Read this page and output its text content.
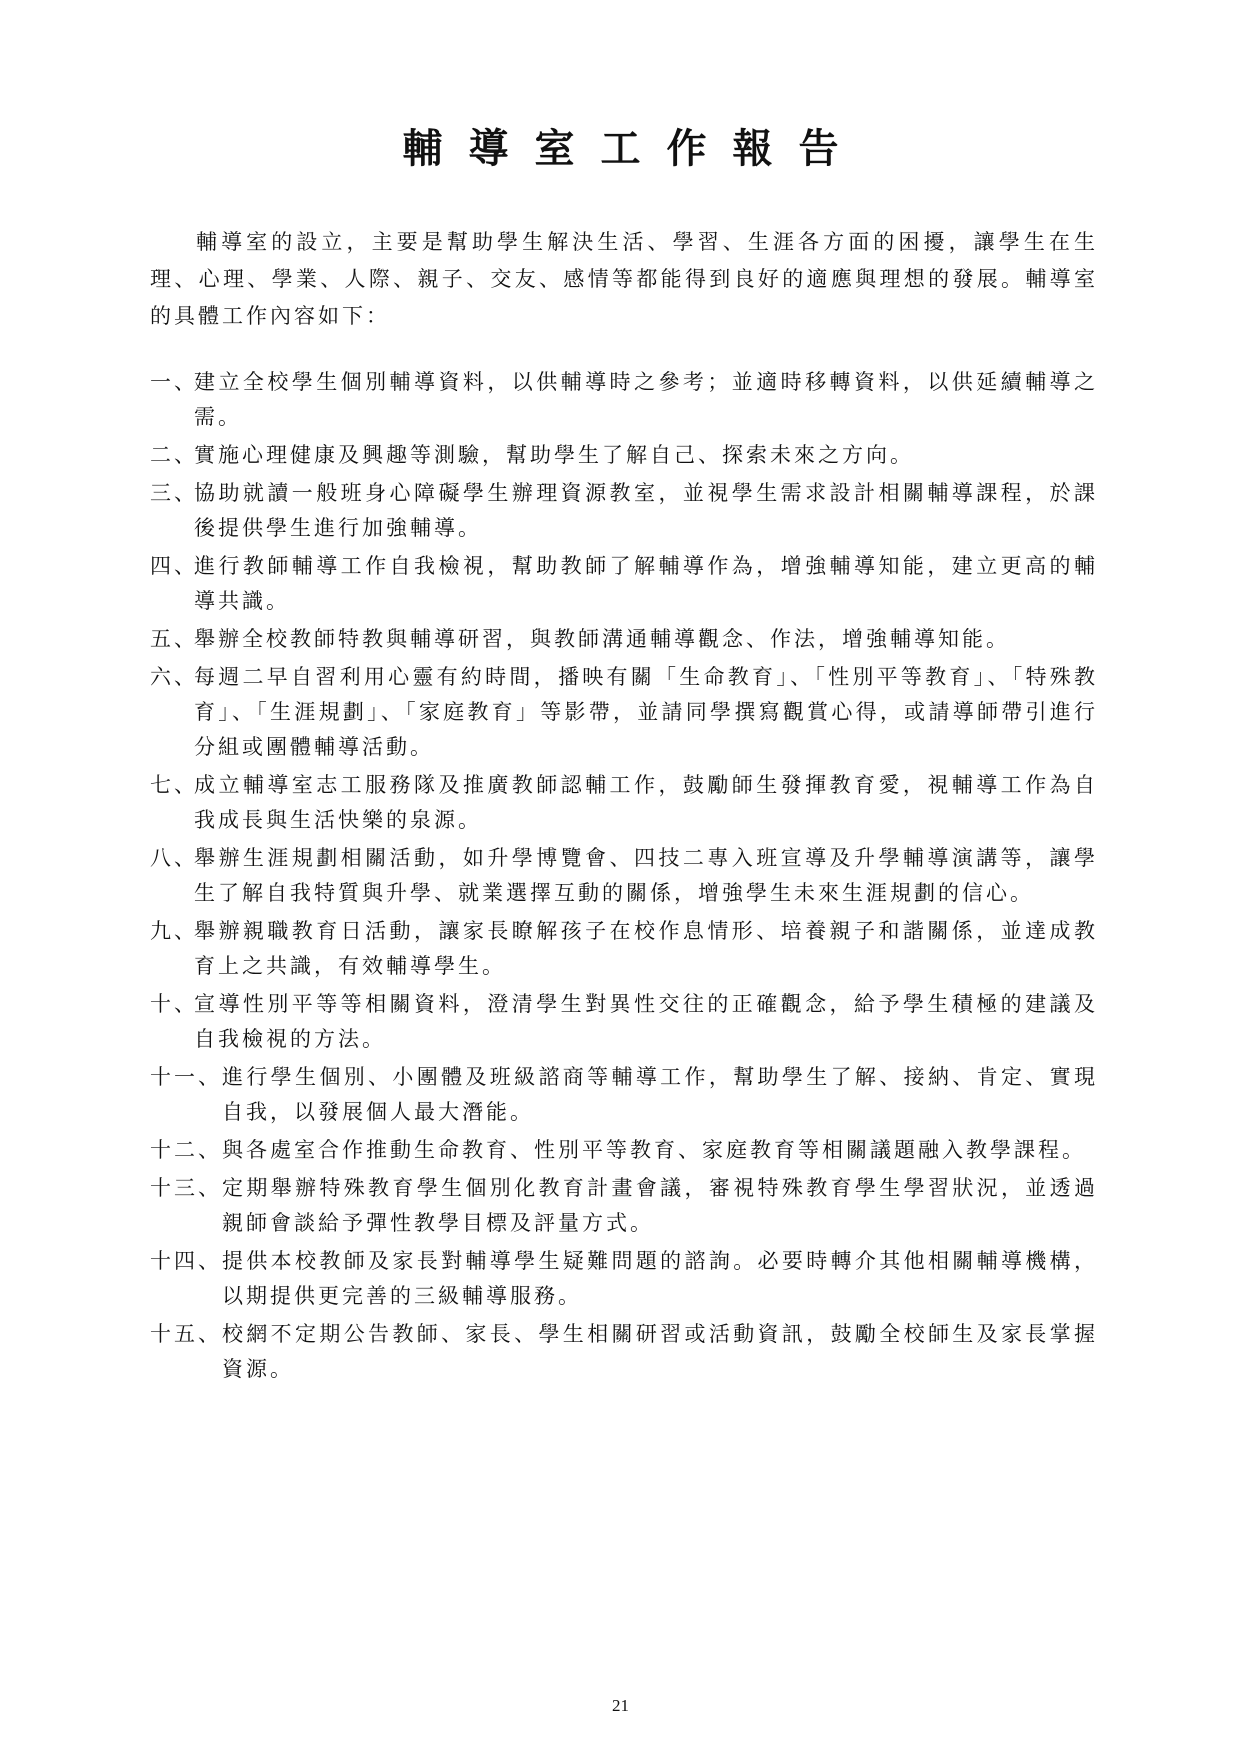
輔導室工作報告

輔導室的設立，主要是幫助學生解決生活、學習、生涯各方面的困擾，讓學生在生理、心理、學業、人際、親子、交友、感情等都能得到良好的適應與理想的發展。輔導室的具體工作內容如下：

一、
建立全校學生個別輔導資料，以供輔導時之參考；並適時移轉資料，以供延續輔導之需。
二、
實施心理健康及興趣等測驗，幫助學生了解自己、探索未來之方向。
三、
協助就讀一般班身心障礙學生辦理資源教室，並視學生需求設計相關輔導課程，於課後提供學生進行加強輔導。
四、
進行教師輔導工作自我檢視，幫助教師了解輔導作為，增強輔導知能，建立更高的輔導共識。
五、
舉辦全校教師特教與輔導研習，與教師溝通輔導觀念、作法，增強輔導知能。
六、
每週二早自習利用心靈有約時間，播映有關「生命教育」、「性別平等教育」、「特殊教育」、「生涯規劃」、「家庭教育」等影帶，並請同學撰寫觀賞心得，或請導師帶引進行分組或團體輔導活動。
七、
成立輔導室志工服務隊及推廣教師認輔工作，鼓勵師生發揮教育愛，視輔導工作為自我成長與生活快樂的泉源。
八、
舉辦生涯規劃相關活動，如升學博覽會、四技二專入班宣導及升學輔導演講等，讓學生了解自我特質與升學、就業選擇互動的關係，增強學生未來生涯規劃的信心。
九、
舉辦親職教育日活動，讓家長瞭解孩子在校作息情形、培養親子和諧關係，並達成教育上之共識，有效輔導學生。
十、
宣導性別平等等相關資料，澄清學生對異性交往的正確觀念，給予學生積極的建議及自我檢視的方法。
十一、 進行學生個別、小團體及班級諮商等輔導工作，幫助學生了解、接納、肯定、實現自我，以發展個人最大潛能。
十二、 與各處室合作推動生命教育、性別平等教育、家庭教育等相關議題融入教學課程。
十三、 定期舉辦特殊教育學生個別化教育計畫會議，審視特殊教育學生學習狀況，並透過親師會談給予彈性教學目標及評量方式。
十四、 提供本校教師及家長對輔導學生疑難問題的諮詢。必要時轉介其他相關輔導機構，以期提供更完善的三級輔導服務。
十五、 校網不定期公告教師、家長、學生相關研習或活動資訊，鼓勵全校師生及家長掌握資源。

21
